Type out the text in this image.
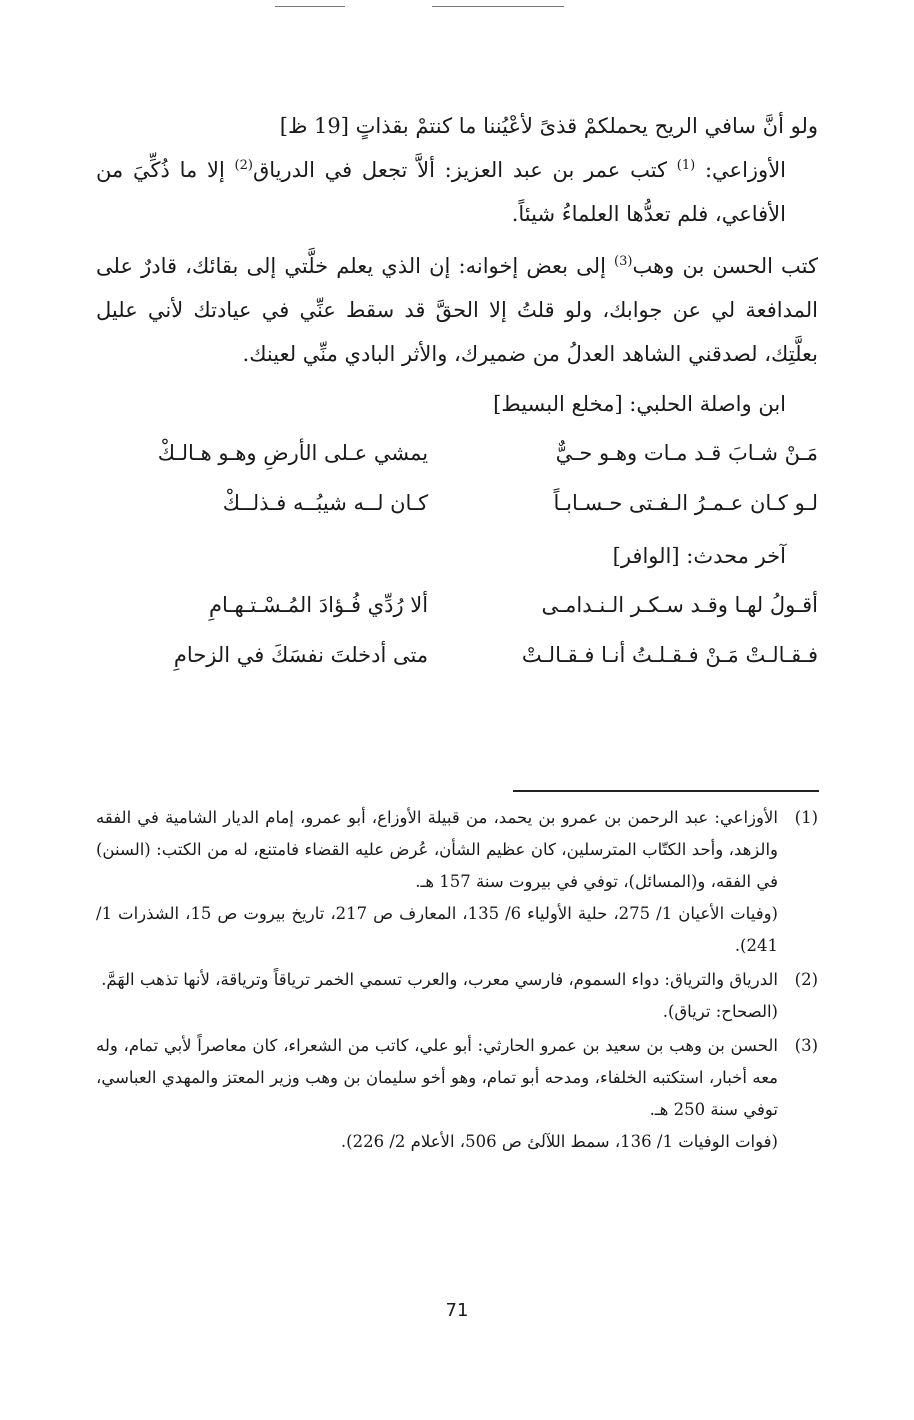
ولو أنَّ سافي الريح يحملكمْ قذىً لأعْيُننا ما كنتمْ بقذاتٍ [19 ظ]

الأوزاعي: $^{(1)}$ كتب عمر بن عبد العزيز: ألاَّ تجعل في الدرياق$^{(2)}$ إلا ما ذُكِّيَ من الأفاعي، فلم تعدُّها العلماءُ شيئاً.

كتب الحسن بن وهب$^{(3)}$ إلى بعض إخوانه: إن الذي يعلم خلَّتي إلى بقائك، قادرٌ على المدافعة لي عن جوابك، ولو قلتُ إلا الحقَّ قد سقط عنِّي في عيادتك لأني عليل بعلَّتِك، لصدقني الشاهد العدلُ من ضميرك، والأثر البادي منِّي لعينك.

ابن واصلة الحلبي: [مخلع البسيط]

مَـنْ شـابَ قـد مـات وهـو حـيٌّ
يمشي عـلى الأرضِ وهـو هـالـكْ
لـو كـان عـمـرُ الـفـتى حـسـابـاً
كـان لــه شيبُــه فـذلــكْ

آخر محدث: [الوافر]

أقـولُ لهـا وقـد سـكـر الـنـدامـى
ألا رُدِّي فُـؤادَ المُـسْـتـهـامِ
فـقـالـتْ مَـنْ فـقـلـتُ أنـا فـقـالـتْ
متى أدخلتَ نفسَكَ في الزحامِ
(1)
الأوزاعي: عبد الرحمن بن عمرو بن يحمد، من قبيلة الأوزاع، أبو عمرو، إمام الديار الشامية في الفقه والزهد، وأحد الكتّاب المترسلين، كان عظيم الشأن، عُرض عليه القضاء فامتنع، له من الكتب: (السنن) في الفقه، و(المسائل)، توفي في بيروت سنة 157 هـ.
(وفيات الأعيان 1/ 275، حلية الأولياء 6/ 135، المعارف ص 217، تاريخ بيروت ص 15، الشذرات 1/ 241).
(2)
الدرياق والترياق: دواء السموم، فارسي معرب، والعرب تسمي الخمر ترياقاً وترياقة، لأنها تذهب الهَمَّ.
(الصحاح: ترياق).
(3)
الحسن بن وهب بن سعيد بن عمرو الحارثي: أبو علي، كاتب من الشعراء، كان معاصراً لأبي تمام، وله معه أخبار، استكتبه الخلفاء، ومدحه أبو تمام، وهو أخو سليمان بن وهب وزير المعتز والمهدي العباسي، توفي سنة 250 هـ.
(فوات الوفيات 1/ 136، سمط اللآلئ ص 506، الأعلام 2/ 226).
71
